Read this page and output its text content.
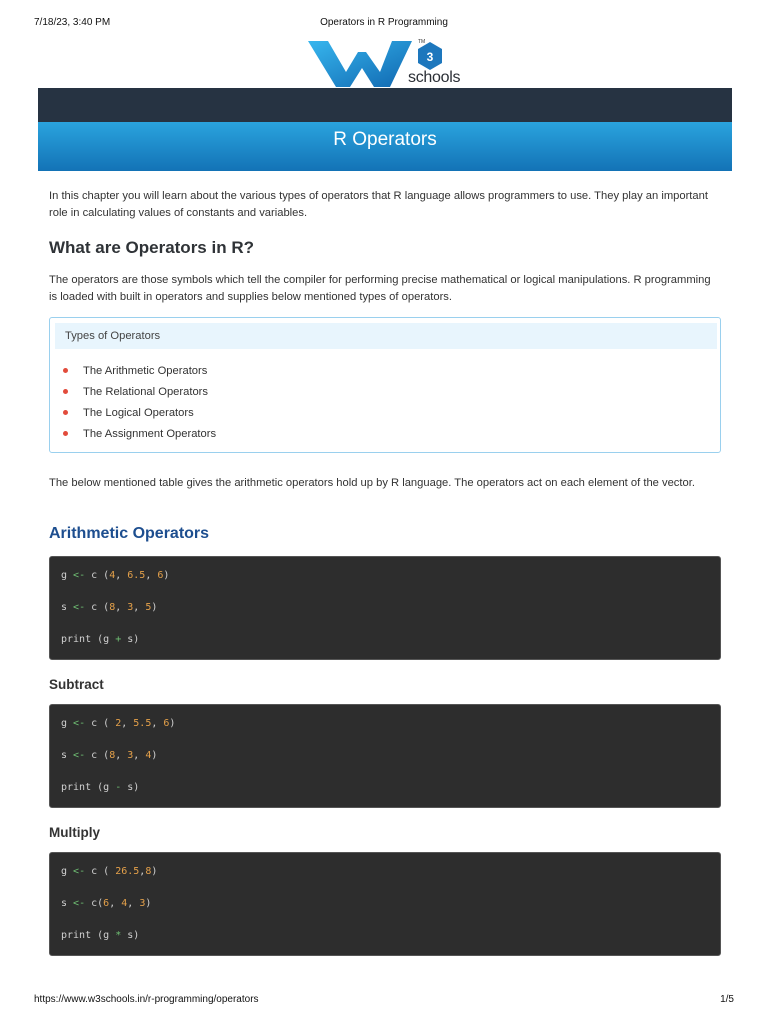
7/18/23, 3:40 PM	Operators in R Programming
3
TM
schools
R Operators
In this chapter you will learn about the various types of operators that R language allows programmers to use. They play an important role in calculating values of constants and variables.
What are Operators in R?
The operators are those symbols which tell the compiler for performing precise mathematical or logical manipulations. R programming is loaded with built in operators and supplies below mentioned types of operators.
Types of Operators
The Arithmetic Operators
The Relational Operators
The Logical Operators
The Assignment Operators
The below mentioned table gives the arithmetic operators hold up by R language. The operators act on each element of the vector.
Arithmetic Operators
g <- c (4, 6.5, 6)
s <- c (8, 3, 5)
print (g + s)
Subtract
g <- c ( 2, 5.5, 6)
s <- c (8, 3, 4)
print (g - s)
Multiply
g <- c ( 26.5,8)
s <- c(6, 4, 3)
print (g * s)
https://www.w3schools.in/r-programming/operators	1/5
